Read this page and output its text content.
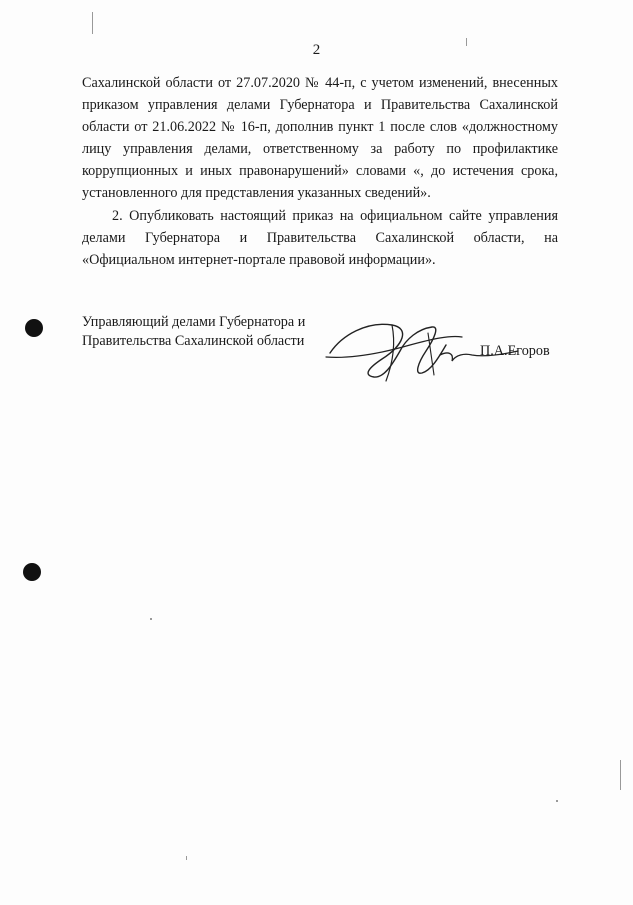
2

Сахалинской области от 27.07.2020 № 44-п, с учетом изменений, внесенных приказом управления делами Губернатора и Правительства Сахалинской области от 21.06.2022 № 16-п, дополнив пункт 1 после слов «должностному лицу управления делами, ответственному за работу по профилактике коррупционных и иных правонарушений» словами «, до истечения срока, установленного для представления указанных сведений».

2. Опубликовать настоящий приказ на официальном сайте управления делами Губернатора и Правительства Сахалинской области, на «Официальном интернет-портале правовой информации».

Управляющий делами Губернатора и
Правительства Сахалинской области
П.А.Егоров
